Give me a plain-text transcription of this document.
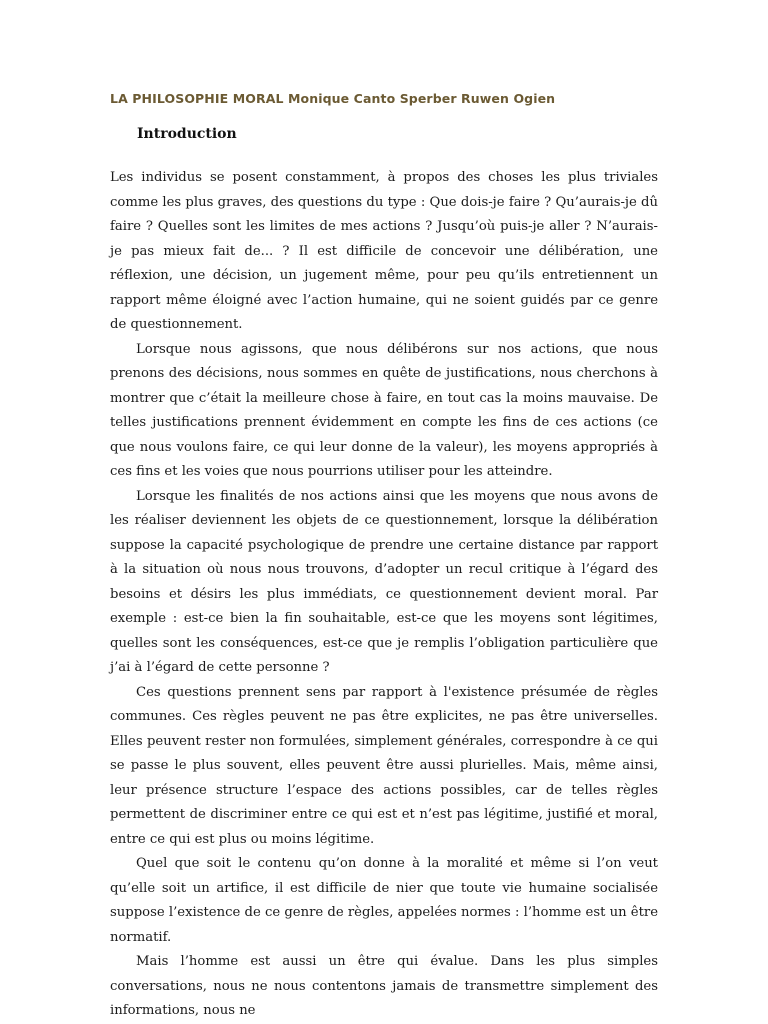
LA PHILOSOPHIE MORAL Monique Canto Sperber Ruwen Ogien
Introduction

Les individus se posent constamment, à propos des choses les plus triviales comme les plus graves, des questions du type : Que dois-je faire ? Qu’aurais-je dû faire ? Quelles sont les limites de mes actions ? Jusqu’où puis-je aller ? N’aurais-je pas mieux fait de... ? Il est difficile de concevoir une délibération, une réflexion, une décision, un jugement même, pour peu qu’ils entretiennent un rapport même éloigné avec l’action humaine, qui ne soient guidés par ce genre de questionnement.

Lorsque nous agissons, que nous délibérons sur nos actions, que nous prenons des décisions, nous sommes en quête de justifications, nous cherchons à montrer que c’était la meilleure chose à faire, en tout cas la moins mauvaise. De telles justifications prennent évidemment en compte les fins de ces actions (ce que nous voulons faire, ce qui leur donne de la valeur), les moyens appropriés à ces fins et les voies que nous pourrions utiliser pour les atteindre.

Lorsque les finalités de nos actions ainsi que les moyens que nous avons de les réaliser deviennent les objets de ce questionnement, lorsque la délibération suppose la capacité psychologique de prendre une certaine distance par rapport à la situation où nous nous trouvons, d’adopter un recul critique à l’égard des besoins et désirs les plus immédiats, ce questionnement devient moral. Par exemple : est-ce bien la fin souhaitable, est-ce que les moyens sont légitimes, quelles sont les conséquences, est-ce que je remplis l’obligation particulière que j’ai à l’égard de cette personne ?

Ces questions prennent sens par rapport à l'existence présumée de règles communes. Ces règles peuvent ne pas être explicites, ne pas être universelles. Elles peuvent rester non formulées, simplement générales, correspondre à ce qui se passe le plus souvent, elles peuvent être aussi plurielles. Mais, même ainsi, leur présence structure l’espace des actions possibles, car de telles règles permettent de discriminer entre ce qui est et n’est pas légitime, justifié et moral, entre ce qui est plus ou moins légitime.

Quel que soit le contenu qu’on donne à la moralité et même si l’on veut qu’elle soit un artifice, il est difficile de nier que toute vie humaine socialisée suppose l’existence de ce genre de règles, appelées normes : l’homme est un être normatif.

Mais l’homme est aussi un être qui évalue. Dans les plus simples conversations, nous ne nous contentons jamais de transmettre simplement des informations, nous ne
